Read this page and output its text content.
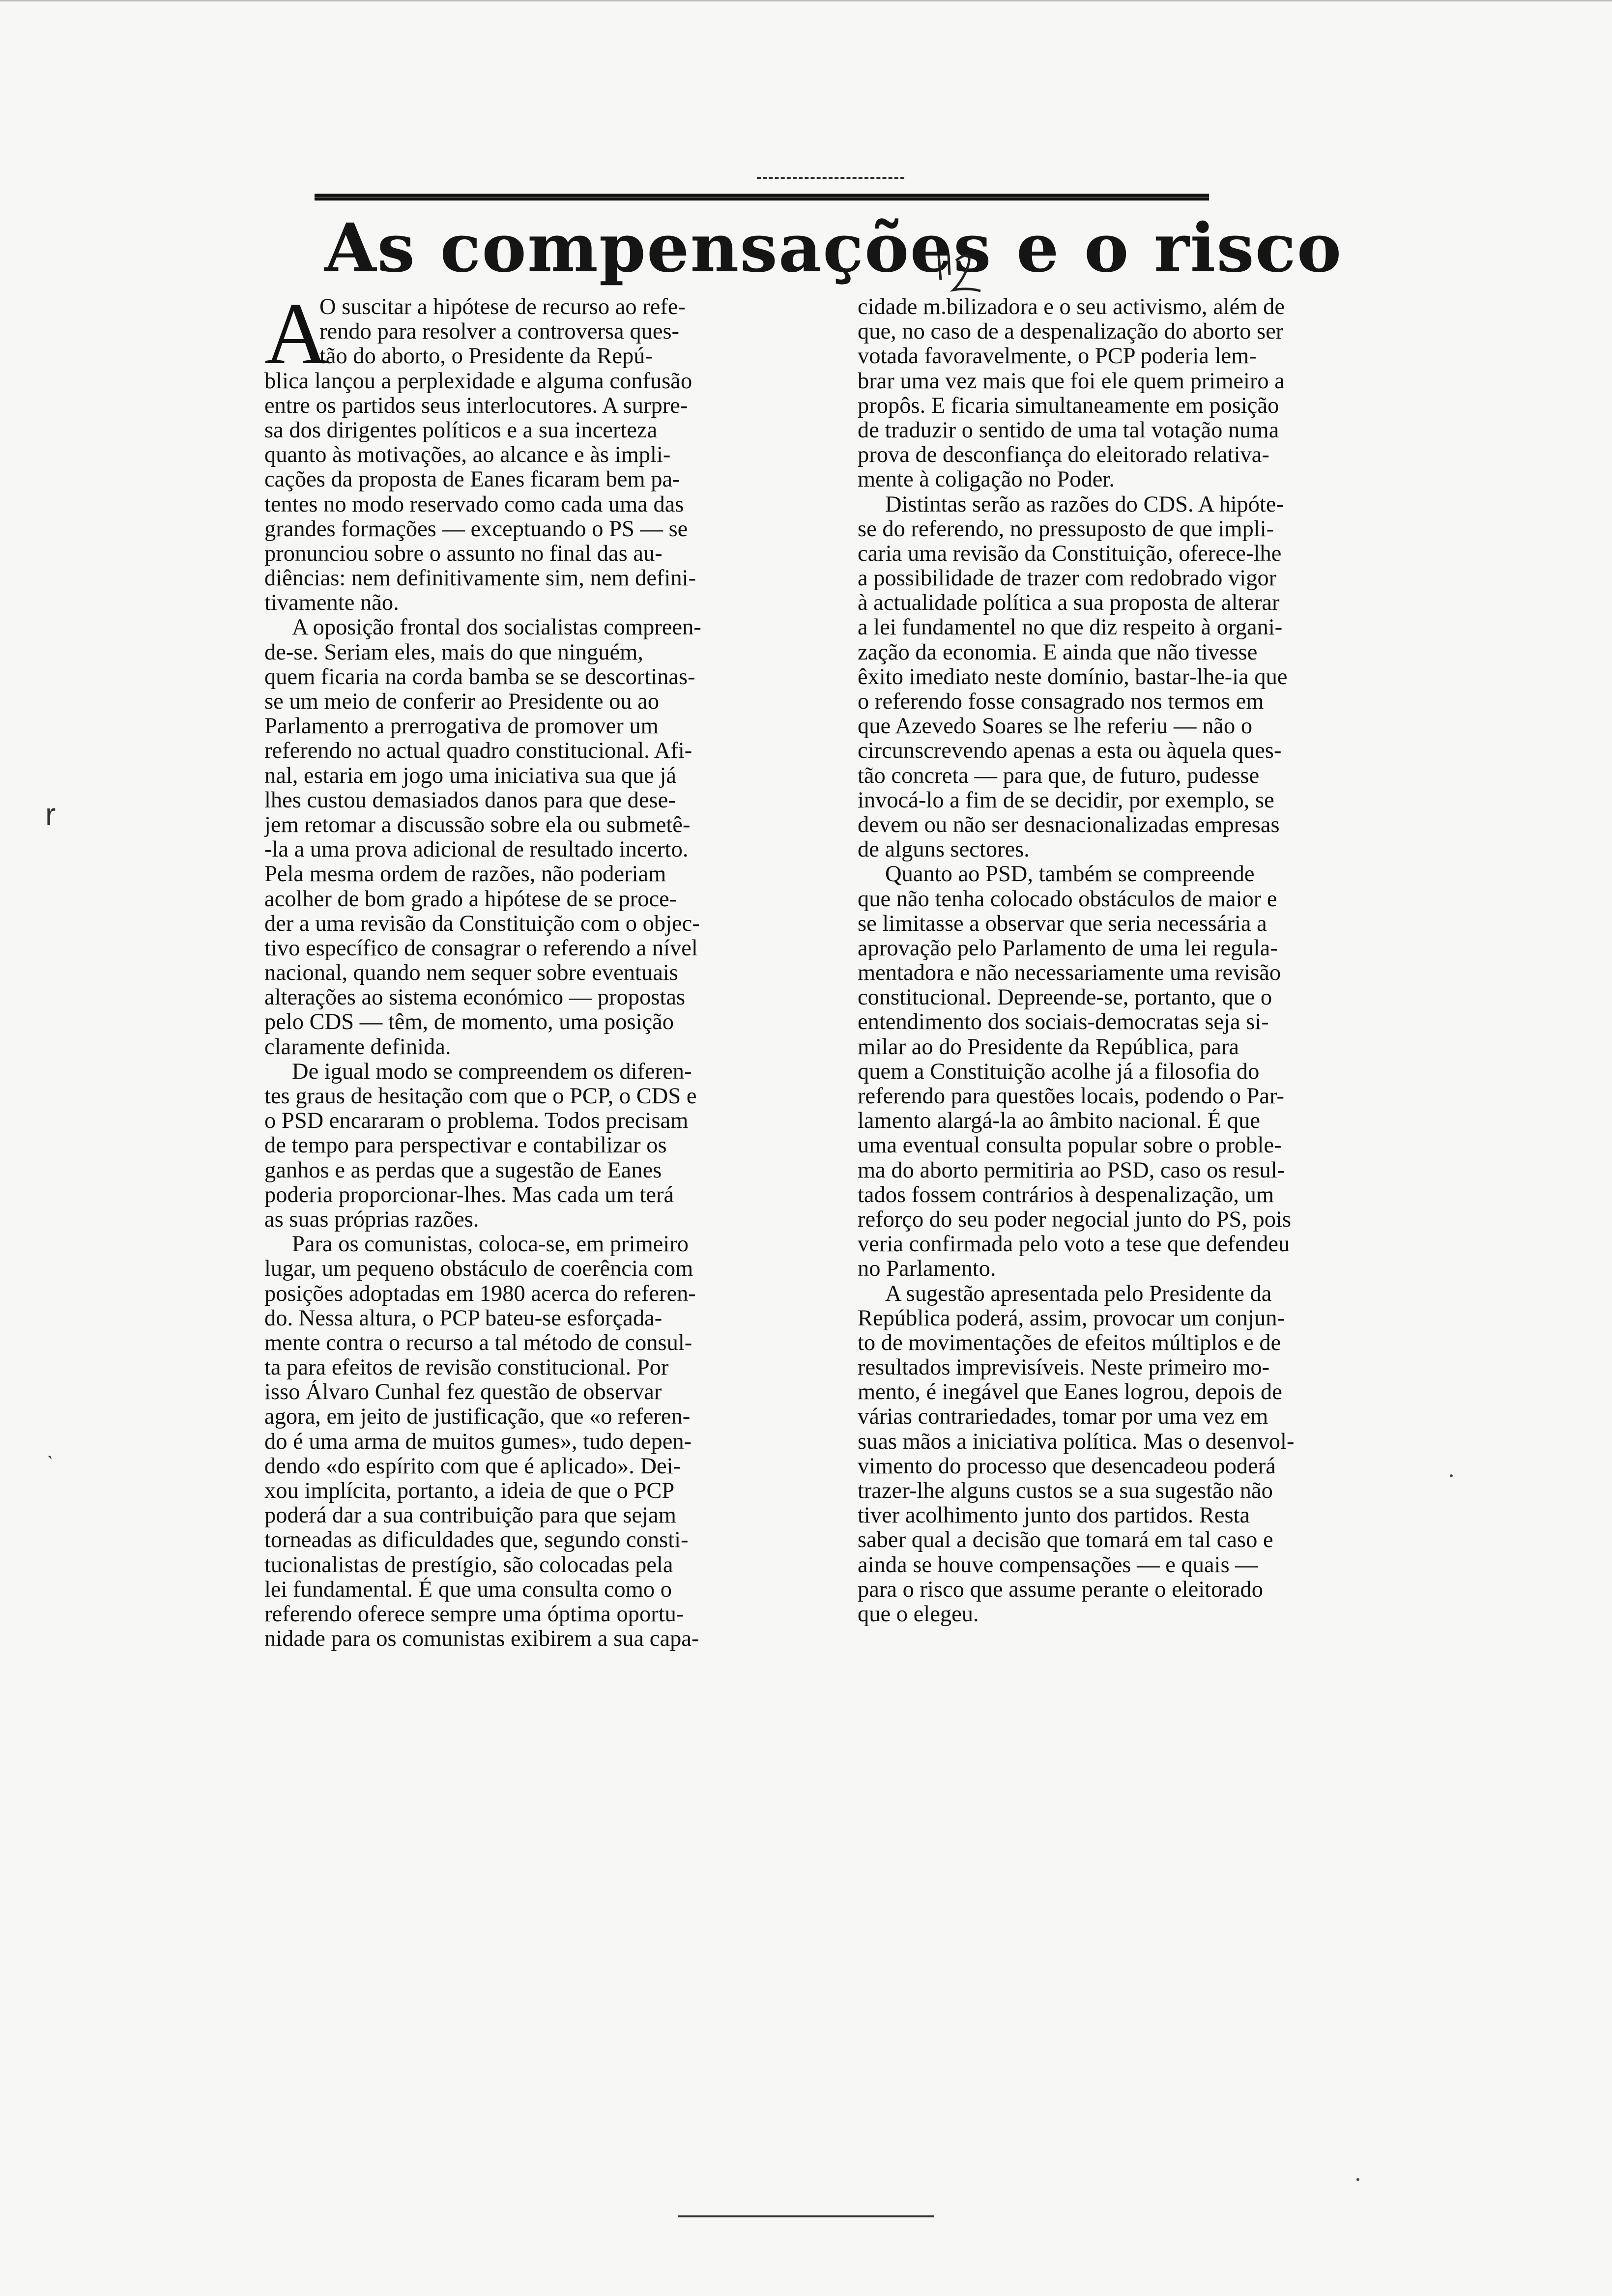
As compensações e o risco
A
O suscitar a hipótese de recurso ao refe-
rendo para resolver a controversa ques-
tão do aborto, o Presidente da Repú-
blica lançou a perplexidade e alguma confusão
entre os partidos seus interlocutores. A surpre-
sa dos dirigentes políticos e a sua incerteza
quanto às motivações, ao alcance e às impli-
cações da proposta de Eanes ficaram bem pa-
tentes no modo reservado como cada uma das
grandes formações — exceptuando o PS — se
pronunciou sobre o assunto no final das au-
diências: nem definitivamente sim, nem defini-
tivamente não.
A oposição frontal dos socialistas compreen-
de-se. Seriam eles, mais do que ninguém,
quem ficaria na corda bamba se se descortinas-
se um meio de conferir ao Presidente ou ao
Parlamento a prerrogativa de promover um
referendo no actual quadro constitucional. Afi-
nal, estaria em jogo uma iniciativa sua que já
lhes custou demasiados danos para que dese-
jem retomar a discussão sobre ela ou submetê-
-la a uma prova adicional de resultado incerto.
Pela mesma ordem de razões, não poderiam
acolher de bom grado a hipótese de se proce-
der a uma revisão da Constituição com o objec-
tivo específico de consagrar o referendo a nível
nacional, quando nem sequer sobre eventuais
alterações ao sistema económico — propostas
pelo CDS — têm, de momento, uma posição
claramente definida.
De igual modo se compreendem os diferen-
tes graus de hesitação com que o PCP, o CDS e
o PSD encararam o problema. Todos precisam
de tempo para perspectivar e contabilizar os
ganhos e as perdas que a sugestão de Eanes
poderia proporcionar-lhes. Mas cada um terá
as suas próprias razões.
Para os comunistas, coloca-se, em primeiro
lugar, um pequeno obstáculo de coerência com
posições adoptadas em 1980 acerca do referen-
do. Nessa altura, o PCP bateu-se esforçada-
mente contra o recurso a tal método de consul-
ta para efeitos de revisão constitucional. Por
isso Álvaro Cunhal fez questão de observar
agora, em jeito de justificação, que «o referen-
do é uma arma de muitos gumes», tudo depen-
dendo «do espírito com que é aplicado». Dei-
xou implícita, portanto, a ideia de que o PCP
poderá dar a sua contribuição para que sejam
torneadas as dificuldades que, segundo consti-
tucionalistas de prestígio, são colocadas pela
lei fundamental. É que uma consulta como o
referendo oferece sempre uma óptima oportu-
nidade para os comunistas exibirem a sua capa-
cidade m.bilizadora e o seu activismo, além de
que, no caso de a despenalização do aborto ser
votada favoravelmente, o PCP poderia lem-
brar uma vez mais que foi ele quem primeiro a
propôs. E ficaria simultaneamente em posição
de traduzir o sentido de uma tal votação numa
prova de desconfiança do eleitorado relativa-
mente à coligação no Poder.
Distintas serão as razões do CDS. A hipóte-
se do referendo, no pressuposto de que impli-
caria uma revisão da Constituição, oferece-lhe
a possibilidade de trazer com redobrado vigor
à actualidade política a sua proposta de alterar
a lei fundamentel no que diz respeito à organi-
zação da economia. E ainda que não tivesse
êxito imediato neste domínio, bastar-lhe-ia que
o referendo fosse consagrado nos termos em
que Azevedo Soares se lhe referiu — não o
circunscrevendo apenas a esta ou àquela ques-
tão concreta — para que, de futuro, pudesse
invocá-lo a fim de se decidir, por exemplo, se
devem ou não ser desnacionalizadas empresas
de alguns sectores.
Quanto ao PSD, também se compreende
que não tenha colocado obstáculos de maior e
se limitasse a observar que seria necessária a
aprovação pelo Parlamento de uma lei regula-
mentadora e não necessariamente uma revisão
constitucional. Depreende-se, portanto, que o
entendimento dos sociais-democratas seja si-
milar ao do Presidente da República, para
quem a Constituição acolhe já a filosofia do
referendo para questões locais, podendo o Par-
lamento alargá-la ao âmbito nacional. É que
uma eventual consulta popular sobre o proble-
ma do aborto permitiria ao PSD, caso os resul-
tados fossem contrários à despenalização, um
reforço do seu poder negocial junto do PS, pois
veria confirmada pelo voto a tese que defendeu
no Parlamento.
A sugestão apresentada pelo Presidente da
República poderá, assim, provocar um conjun-
to de movimentações de efeitos múltiplos e de
resultados imprevisíveis. Neste primeiro mo-
mento, é inegável que Eanes logrou, depois de
várias contrariedades, tomar por uma vez em
suas mãos a iniciativa política. Mas o desenvol-
vimento do processo que desencadeou poderá
trazer-lhe alguns custos se a sua sugestão não
tiver acolhimento junto dos partidos. Resta
saber qual a decisão que tomará em tal caso e
ainda se houve compensações — e quais —
para o risco que assume perante o eleitorado
que o elegeu.
r
ˎ
